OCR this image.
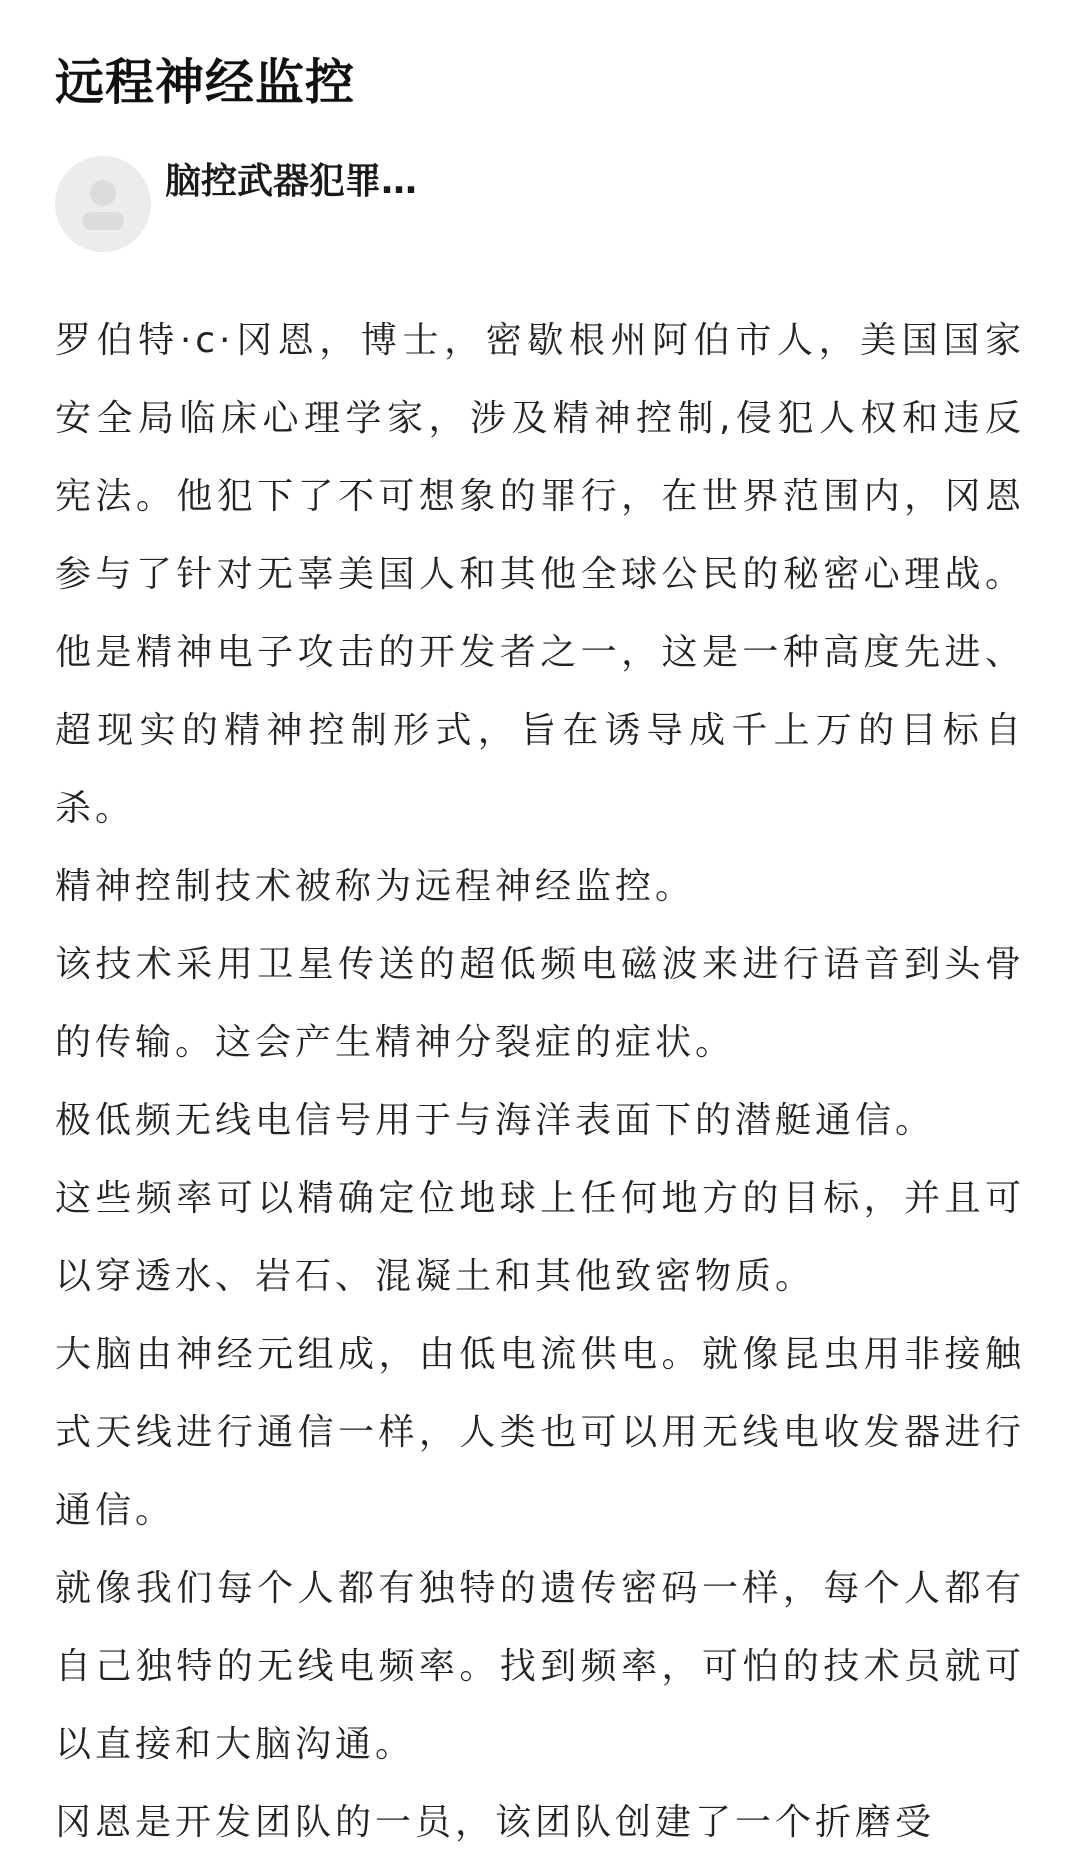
远程神经监控
脑控武器犯罪…

罗伯特·c·冈恩，博士，密歇根州阿伯市人，美国国家安全局临床心理学家，涉及精神控制,侵犯人权和违反宪法。他犯下了不可想象的罪行，在世界范围内，冈恩参与了针对无辜美国人和其他全球公民的秘密心理战。他是精神电子攻击的开发者之一，这是一种高度先进、超现实的精神控制形式，旨在诱导成千上万的目标自杀。

精神控制技术被称为远程神经监控。

该技术采用卫星传送的超低频电磁波来进行语音到头骨的传输。这会产生精神分裂症的症状。

极低频无线电信号用于与海洋表面下的潜艇通信。

这些频率可以精确定位地球上任何地方的目标，并且可以穿透水、岩石、混凝土和其他致密物质。

大脑由神经元组成，由低电流供电。就像昆虫用非接触式天线进行通信一样，人类也可以用无线电收发器进行通信。

就像我们每个人都有独特的遗传密码一样，每个人都有自己独特的无线电频率。找到频率，可怕的技术员就可以直接和大脑沟通。

冈恩是开发团队的一员，该团队创建了一个折磨受
